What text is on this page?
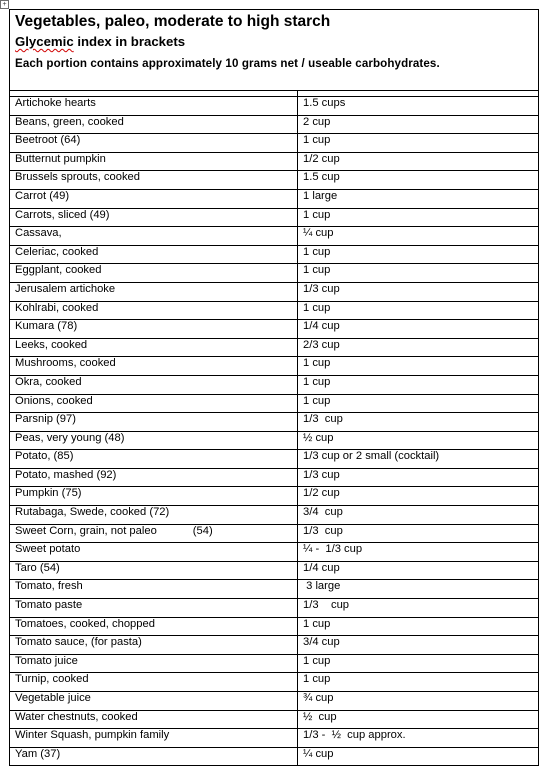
+
Vegetables, paleo, moderate to high starch
Glycemic index in brackets
Each portion contains approximately 10 grams net / useable carbohydrates.	

Artichoke hearts	1.5 cups
Beans, green, cooked	2 cup
Beetroot (64)	1 cup
Butternut pumpkin	1/2 cup
Brussels sprouts, cooked	1.5 cup
Carrot (49)	1 large
Carrots, sliced (49)	1 cup
Cassava,	¼ cup
Celeriac, cooked	1 cup
Eggplant, cooked	1 cup
Jerusalem artichoke	1/3 cup
Kohlrabi, cooked	1 cup
Kumara (78)	1/4 cup
Leeks, cooked	2/3 cup
Mushrooms, cooked	1 cup
Okra, cooked	1 cup
Onions, cooked	1 cup
Parsnip (97)	1/3  cup
Peas, very young (48)	½ cup
Potato, (85)	1/3 cup or 2 small (cocktail)
Potato, mashed (92)	1/3 cup
Pumpkin (75)	1/2 cup
Rutabaga, Swede, cooked (72)	3/4  cup
Sweet Corn, grain, not paleo (54)	1/3  cup
Sweet potato	¼ -  1/3 cup
Taro (54)	1/4 cup
Tomato, fresh	3 large
Tomato paste	1/3    cup
Tomatoes, cooked, chopped	1 cup
Tomato sauce, (for pasta)	3/4 cup
Tomato juice	1 cup
Turnip, cooked	1 cup
Vegetable juice	¾ cup
Water chestnuts, cooked	½  cup
Winter Squash, pumpkin family	1/3 -  ½  cup approx.
Yam (37)	¼ cup
